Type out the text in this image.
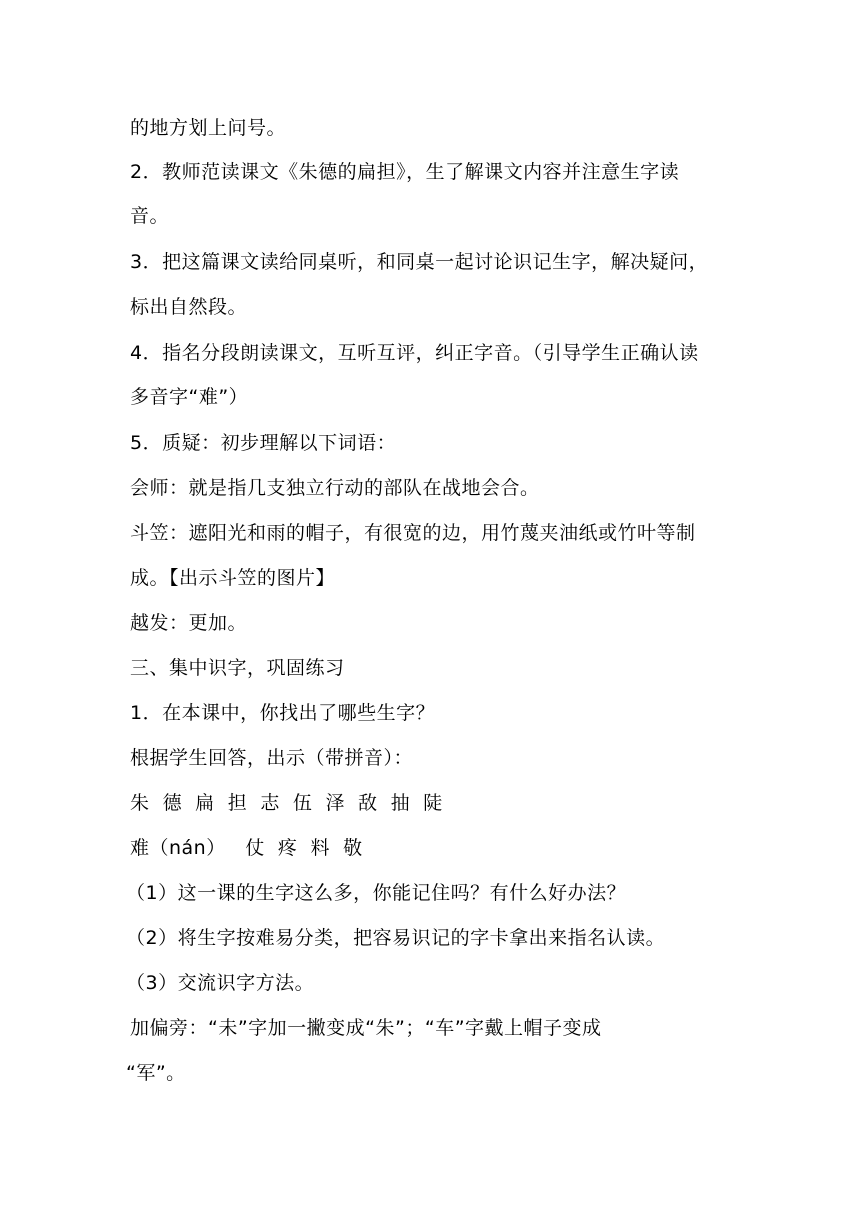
的地方划上问号。
2．教师范读课文《朱德的扁担》，生了解课文内容并注意生字读
音。
3．把这篇课文读给同桌听，和同桌一起讨论识记生字，解决疑问，
标出自然段。
4．指名分段朗读课文，互听互评，纠正字音。（引导学生正确认读
多音字“难”）
5．质疑：初步理解以下词语：
会师：就是指几支独立行动的部队在战地会合。
斗笠：遮阳光和雨的帽子，有很宽的边，用竹蔑夹油纸或竹叶等制
成。【出示斗笠的图片】
越发：更加。
三、集中识字，巩固练习
1．在本课中，你找出了哪些生字？
根据学生回答，出示（带拼音）：
朱  德  扁  担  志  伍  泽  敌  抽  陡
难（nán）   仗  疼  料  敬
（1）这一课的生字这么多，你能记住吗？有什么好办法？
（2）将生字按难易分类，把容易识记的字卡拿出来指名认读。
（3）交流识字方法。
加偏旁：“未”字加一撇变成“朱”；“车”字戴上帽子变成
“军”。
